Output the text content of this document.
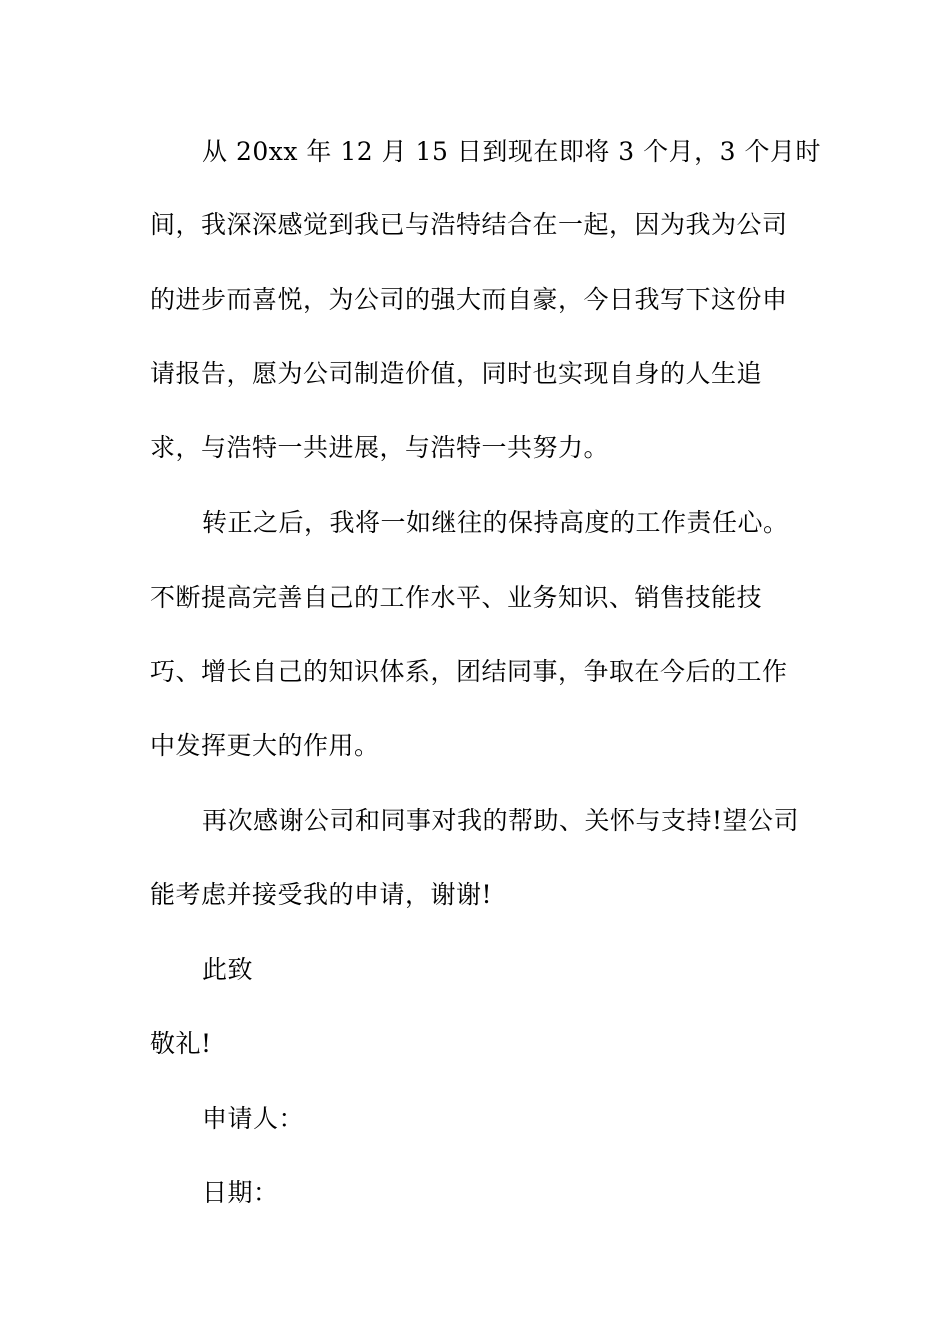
从 20xx 年 12 月 15 日到现在即将 3 个月，3 个月时
间，我深深感觉到我已与浩特结合在一起，因为我为公司
的进步而喜悦，为公司的强大而自豪，今日我写下这份申
请报告，愿为公司制造价值，同时也实现自身的人生追
求，与浩特一共进展，与浩特一共努力。
转正之后，我将一如继往的保持高度的工作责任心。
不断提高完善自己的工作水平、业务知识、销售技能技
巧、增长自己的知识体系，团结同事，争取在今后的工作
中发挥更大的作用。
再次感谢公司和同事对我的帮助、关怀与支持!望公司
能考虑并接受我的申请，谢谢!
此致
敬礼!
申请人：
日期：
